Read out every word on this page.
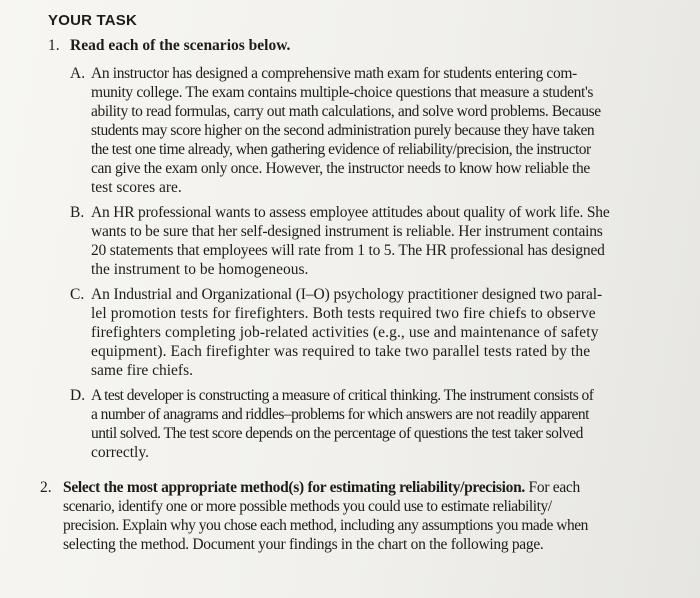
YOUR TASK
1. Read each of the scenarios below.
A. An instructor has designed a comprehensive math exam for students entering com-
munity college. The exam contains multiple-choice questions that measure a student's
ability to read formulas, carry out math calculations, and solve word problems. Because
students may score higher on the second administration purely because they have taken
the test one time already, when gathering evidence of reliability/precision, the instructor
can give the exam only once. However, the instructor needs to know how reliable the
test scores are.
B. An HR professional wants to assess employee attitudes about quality of work life. She
wants to be sure that her self-designed instrument is reliable. Her instrument contains
20 statements that employees will rate from 1 to 5. The HR professional has designed
the instrument to be homogeneous.
C. An Industrial and Organizational (I–O) psychology practitioner designed two paral-
lel promotion tests for firefighters. Both tests required two fire chiefs to observe
firefighters completing job-related activities (e.g., use and maintenance of safety
equipment). Each firefighter was required to take two parallel tests rated by the
same fire chiefs.
D. A test developer is constructing a measure of critical thinking. The instrument consists of
a number of anagrams and riddles–problems for which answers are not readily apparent
until solved. The test score depends on the percentage of questions the test taker solved
correctly.
2. Select the most appropriate method(s) for estimating reliability/precision. For each
scenario, identify one or more possible methods you could use to estimate reliability/
precision. Explain why you chose each method, including any assumptions you made when
selecting the method. Document your findings in the chart on the following page.
